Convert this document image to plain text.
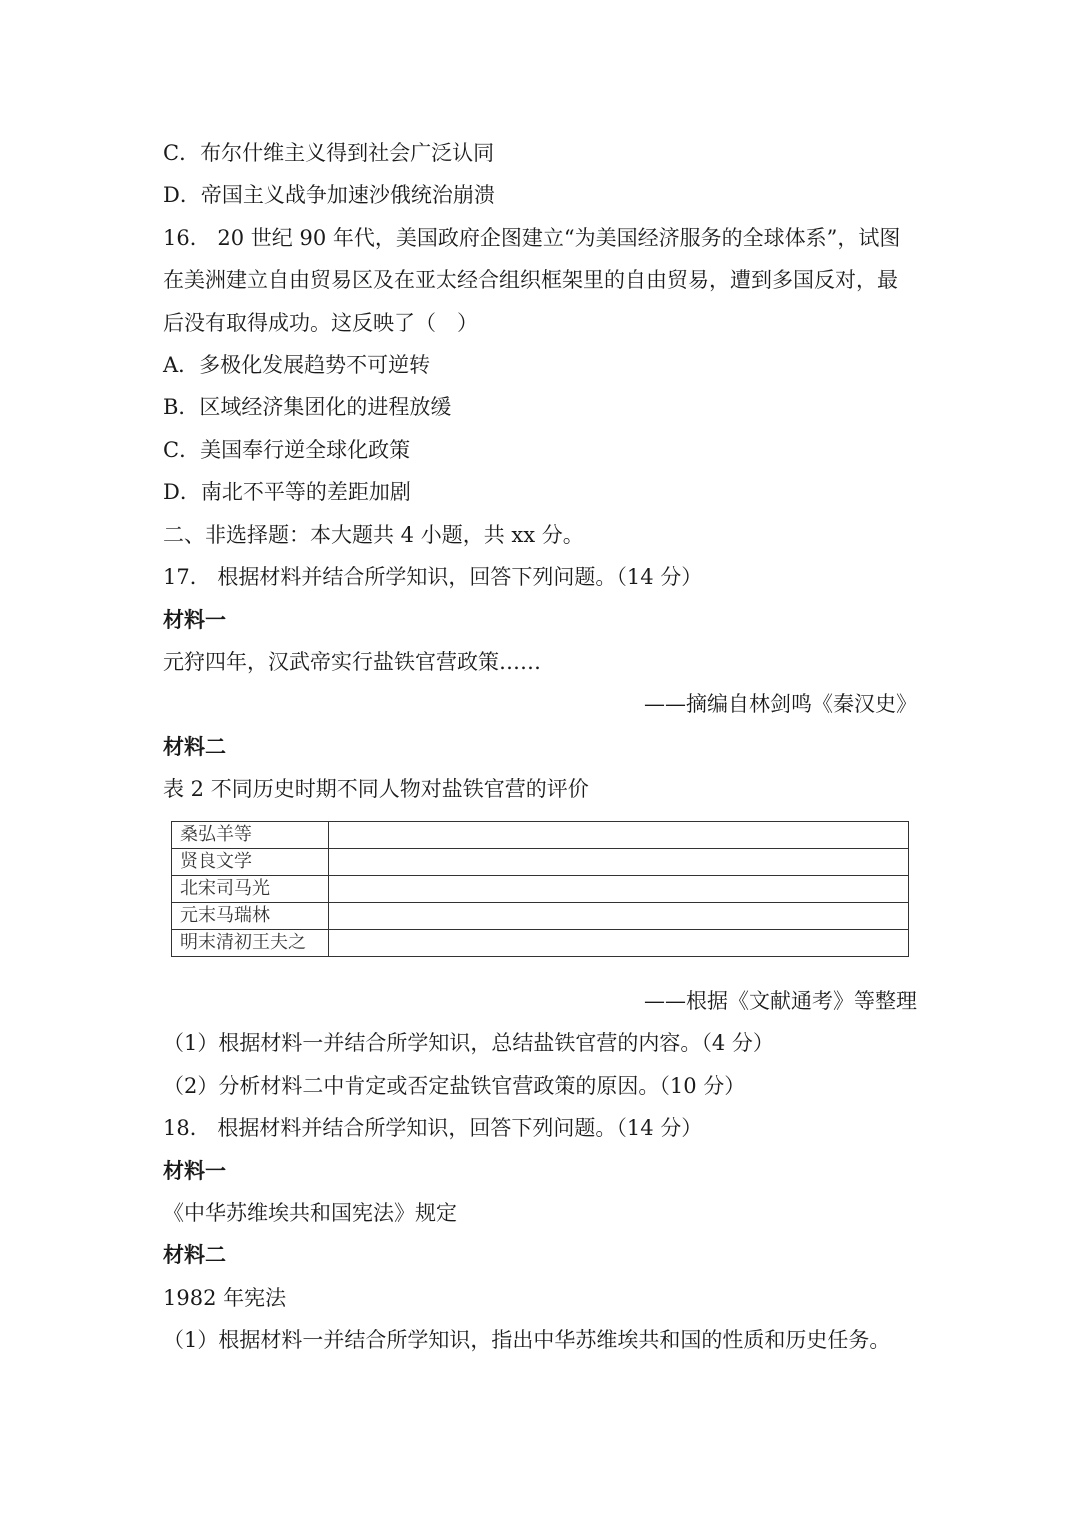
C．布尔什维主义得到社会广泛认同
D．帝国主义战争加速沙俄统治崩溃
16． 20 世纪 90 年代，美国政府企图建立“为美国经济服务的全球体系”，试图
在美洲建立自由贸易区及在亚太经合组织框架里的自由贸易，遭到多国反对，最
后没有取得成功。这反映了（　）
A．多极化发展趋势不可逆转
B．区域经济集团化的进程放缓
C．美国奉行逆全球化政策
D．南北不平等的差距加剧
二、非选择题：本大题共 4 小题，共 xx 分。
17． 根据材料并结合所学知识，回答下列问题。（14 分）
材料一
元狩四年，汉武帝实行盐铁官营政策……
——摘编自林剑鸣《秦汉史》
材料二
表 2 不同历史时期不同人物对盐铁官营的评价
桑弘羊等	
贤良文学	
北宋司马光	
元末马瑞林	
明末清初王夫之	
——根据《文献通考》等整理
（1）根据材料一并结合所学知识，总结盐铁官营的内容。（4 分）
（2）分析材料二中肯定或否定盐铁官营政策的原因。（10 分）
18． 根据材料并结合所学知识，回答下列问题。（14 分）
材料一
《中华苏维埃共和国宪法》规定
材料二
1982 年宪法
（1）根据材料一并结合所学知识，指出中华苏维埃共和国的性质和历史任务。
